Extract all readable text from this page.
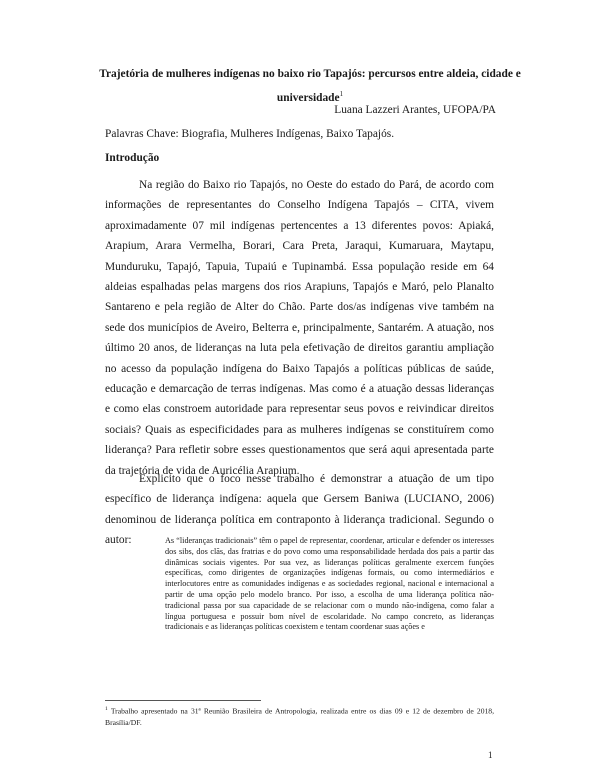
Trajetória de mulheres indígenas no baixo rio Tapajós: percursos entre aldeia, cidade e universidade$^1$

Luana Lazzeri Arantes, UFOPA/PA

Palavras Chave: Biografia, Mulheres Indígenas, Baixo Tapajós.

Introdução

Na região do Baixo rio Tapajós, no Oeste do estado do Pará, de acordo com informações de representantes do Conselho Indígena Tapajós – CITA, vivem aproximadamente 07 mil indígenas pertencentes a 13 diferentes povos: Apiaká, Arapium, Arara Vermelha, Borari, Cara Preta, Jaraqui, Kumaruara, Maytapu, Munduruku, Tapajó, Tapuia, Tupaiú e Tupinambá. Essa população reside em 64 aldeias espalhadas pelas margens dos rios Arapiuns, Tapajós e Maró, pelo Planalto Santareno e pela região de Alter do Chão. Parte dos/as indígenas vive também na sede dos municípios de Aveiro, Belterra e, principalmente, Santarém. A atuação, nos último 20 anos, de lideranças na luta pela efetivação de direitos garantiu ampliação no acesso da população indígena do Baixo Tapajós a políticas públicas de saúde, educação e demarcação de terras indígenas. Mas como é a atuação dessas lideranças e como elas constroem autoridade para representar seus povos e reivindicar direitos sociais? Quais as especificidades para as mulheres indígenas se constituírem como liderança? Para refletir sobre esses questionamentos que será aqui apresentada parte da trajetória de vida de Auricélia Arapium.

Explicito que o foco nesse trabalho é demonstrar a atuação de um tipo específico de liderança indígena: aquela que Gersem Baniwa (LUCIANO, 2006) denominou de liderança política em contraponto à liderança tradicional. Segundo o autor:	As “lideranças tradicionais” têm o papel de representar, coordenar, articular e defender os interesses dos sibs, dos clãs, das fratrias e do povo como uma responsabilidade herdada dos pais a partir das dinâmicas sociais vigentes. Por sua vez, as lideranças políticas geralmente exercem funções específicas, como dirigentes de organizações indígenas formais, ou como intermediários e interlocutores entre as comunidades indígenas e as sociedades regional, nacional e internacional a partir de uma opção pelo modelo branco. Por isso, a escolha de uma liderança política não-tradicional passa por sua capacidade de se relacionar com o mundo não-indígena, como falar a língua portuguesa e possuir bom nível de escolaridade. No campo concreto, as lideranças tradicionais e as lideranças políticas coexistem e tentam coordenar suas ações e

$^1$ Trabalho apresentado na 31ª Reunião Brasileira de Antropologia, realizada entre os dias 09 e 12 de dezembro de 2018, Brasília/DF.

1
